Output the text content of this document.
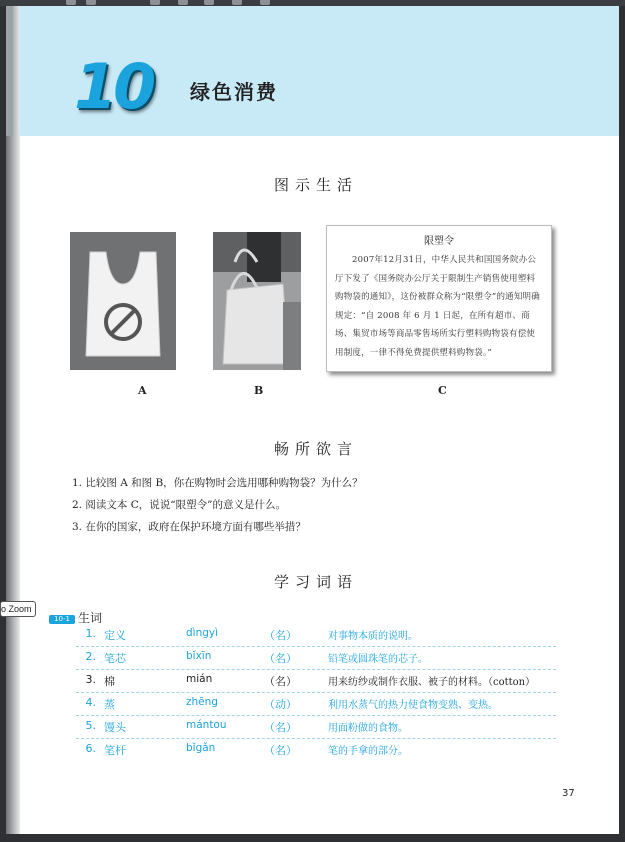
10 绿色消费
图示生活
限塑令
2007年12月31日，中华人民共和国国务院办公厅下发了《国务院办公厅关于限制生产销售使用塑料购物袋的通知》，这份被群众称为“限塑令”的通知明确规定：“自 2008 年 6 月 1 日起，在所有超市、商场、集贸市场等商品零售场所实行塑料购物袋有偿使用制度，一律不得免费提供塑料购物袋。”
A	B	C
畅所欲言
1. 比较图 A 和图 B，你在购物时会选用哪种购物袋？为什么？
2. 阅读文本 C，说说“限塑令”的意义是什么。
3. 在你的国家，政府在保护环境方面有哪些举措？
学习词语
10-1 生词
1. 定义	dìngyì	（名）	对事物本质的说明。
2. 笔芯	bǐxīn	（名）	铅笔或圆珠笔的芯子。
3. 棉	mián	（名）	用来纺纱或制作衣服、被子的材料。（cotton）
4. 蒸	zhēng	（动）	利用水蒸气的热力使食物变熟、变热。
5. 馒头	mántou	（名）	用面粉做的食物。
6. 笔杆	bǐgǎn	（名）	笔的手拿的部分。
37
o Zoom
